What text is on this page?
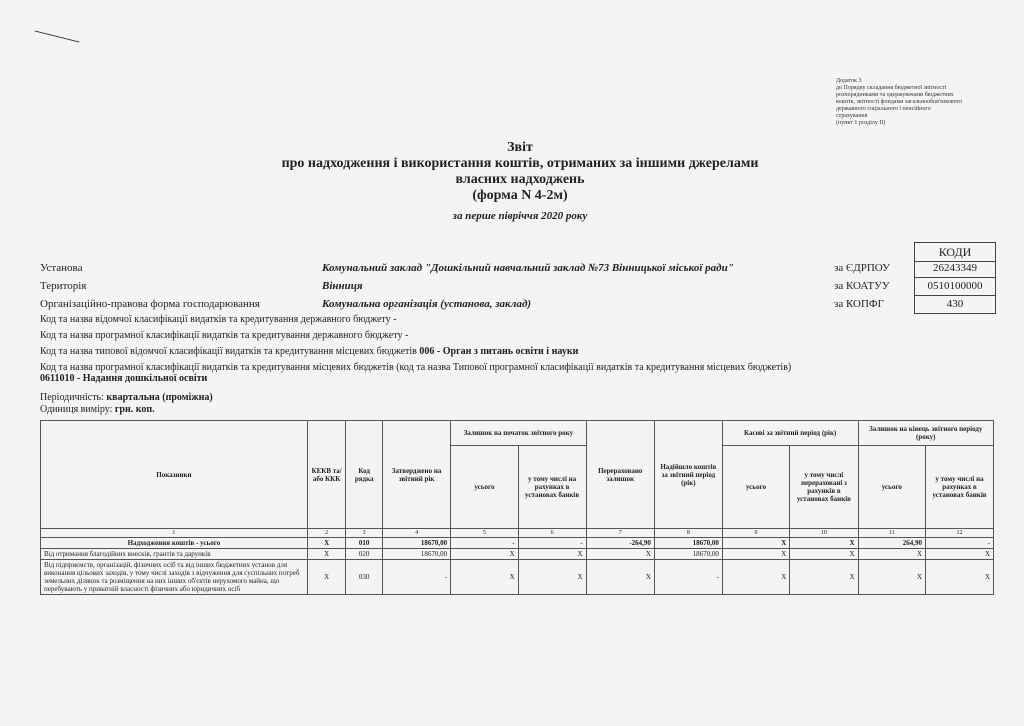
Додаток 3
до Порядку складання бюджетної звітності
розпорядниками та одержувачами бюджетних
коштів, звітності фондами загальнообов'язкового
державного соціального і пенсійного
страхування
(пункт 1 розділу II)
Звіт
про надходження і використання коштів, отриманих за іншими джерелами
власних надходжень
(форма N 4-2м)
за перше півріччя 2020 року
КОДИ
Установа	Комунальний заклад "Дошкільний навчальний заклад №73 Вінницької міської ради"	за ЄДРПОУ	26243349
Територія	Вінниця	за КОАТУУ	0510100000
Організаційно-правова форма господарювання	Комунальна організація (установа, заклад)	за КОПФГ	430
Код та назва відомчої класифікації видатків та кредитування державного бюджету -
Код та назва програмної класифікації видатків та кредитування державного бюджету -
Код та назва типової відомчої класифікації видатків та кредитування місцевих бюджетів 006 - Орган з питань освіти і науки
Код та назва програмної класифікації видатків та кредитування місцевих бюджетів (код та назва Типової програмної класифікації видатків та кредитування місцевих бюджетів) 0611010 - Надання дошкільної освіти
Періодичність: квартальна (проміжна)
Одиниця виміру: грн. коп.
Показники	КЕКВ та/або ККК	Код рядка	Затверджено на звітний рік	Залишок на початок звітного року		Перераховано залишок	Надійшло коштів за звітний період (рік)	Касові за звітний період (рік)		Залишок на кінець звітного періоду (року)	
				усього	у тому числі на рахунках в установах банків			усього	у тому числі перераховані з рахунків в установах банків	усього	у тому числі на рахунках в установах банків
1	2	3	4	5	6	7	8	9	10	11	12
Надходження коштів - усього	X	010	18670,00	-	-	-264,90	18670,00	X	X	264,90	-
Від отримання благодійних внесків, грантів та дарунків	X	020	18670,00	X	X	X	18670,00	X	X	X	X
Від підприємств, організацій, фізичних осіб та від інших бюджетних установ для виконання цільових заходів, у тому числі заходів з відчуження для суспільних потреб земельних ділянок та розміщення на них інших об'єктів нерухомого майна, що перебувають у приватній власності фізичних або юридичних осіб	X	030	-	X	X	X	-	X	X	X	X
